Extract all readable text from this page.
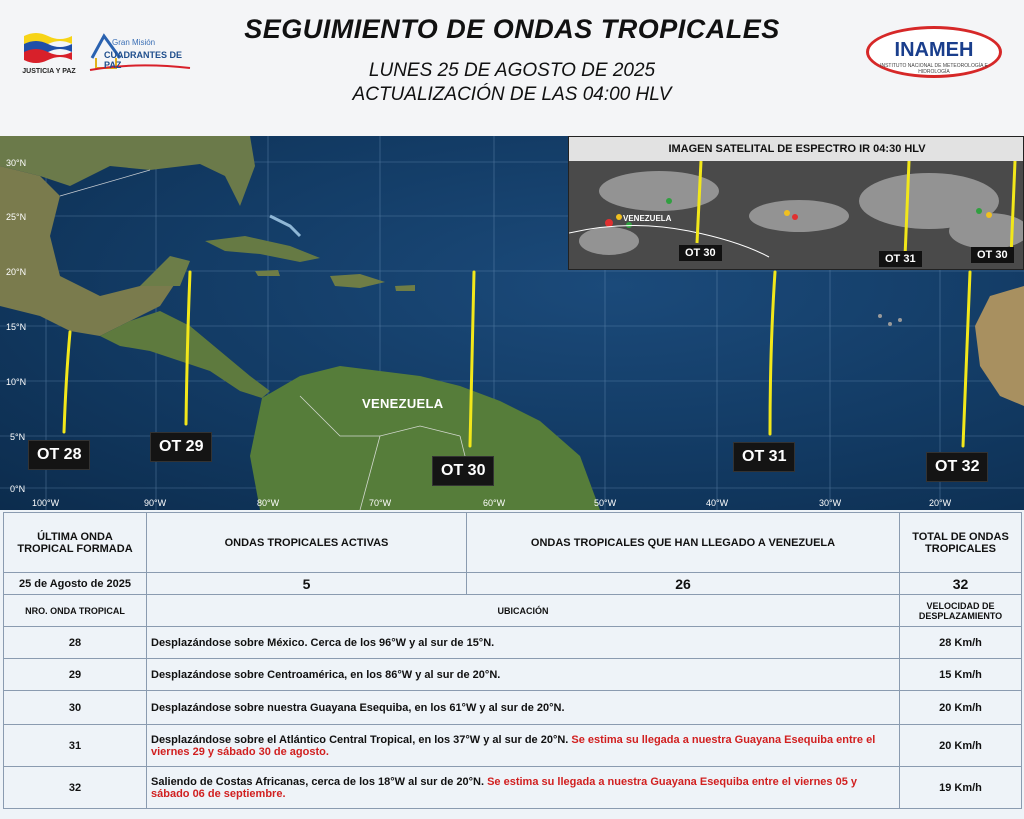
JUSTICIA Y PAZ
Gran Misión
CUADRANTES DE PAZ
SEGUIMIENTO DE ONDAS TROPICALES
LUNES 25 DE AGOSTO DE 2025
ACTUALIZACIÓN DE LAS 04:00 HLV
INAMEH
INSTITUTO NACIONAL DE METEOROLOGÍA E HIDROLOGÍA
30°N
25°N
20°N
15°N
10°N
5°N
0°N
100°W	90°W	80°W	70°W	60°W	50°W	40°W	30°W	20°W
VENEZUELA
OT 28	OT 29
OT 30
OT 31
OT 32
IMAGEN SATELITAL DE ESPECTRO IR 04:30 HLV
VENEZUELA
OT 30	OT 31	OT 30
ÚLTIMA ONDA TROPICAL FORMADA	ONDAS TROPICALES ACTIVAS	ONDAS TROPICALES QUE HAN LLEGADO A VENEZUELA	TOTAL DE ONDAS TROPICALES
25 de Agosto de 2025	5	26	32
NRO. ONDA TROPICAL	UBICACIÓN		VELOCIDAD DE DESPLAZAMIENTO
28	Desplazándose sobre México. Cerca de los 96°W y al sur de 15°N.		28 Km/h
29	Desplazándose sobre Centroamérica, en los 86°W y al sur de 20°N.		15 Km/h
30	Desplazándose sobre nuestra Guayana Esequiba, en los 61°W y al sur de 20°N.		20 Km/h
31	Desplazándose sobre el Atlántico Central Tropical, en los 37°W y al sur de 20°N. Se estima su llegada a nuestra Guayana Esequiba entre el viernes 29 y sábado 30 de agosto.		20 Km/h
32	Saliendo de Costas Africanas, cerca de los 18°W al sur de 20°N. Se estima su llegada a nuestra Guayana Esequiba entre el viernes 05 y sábado 06 de septiembre.		19 Km/h
